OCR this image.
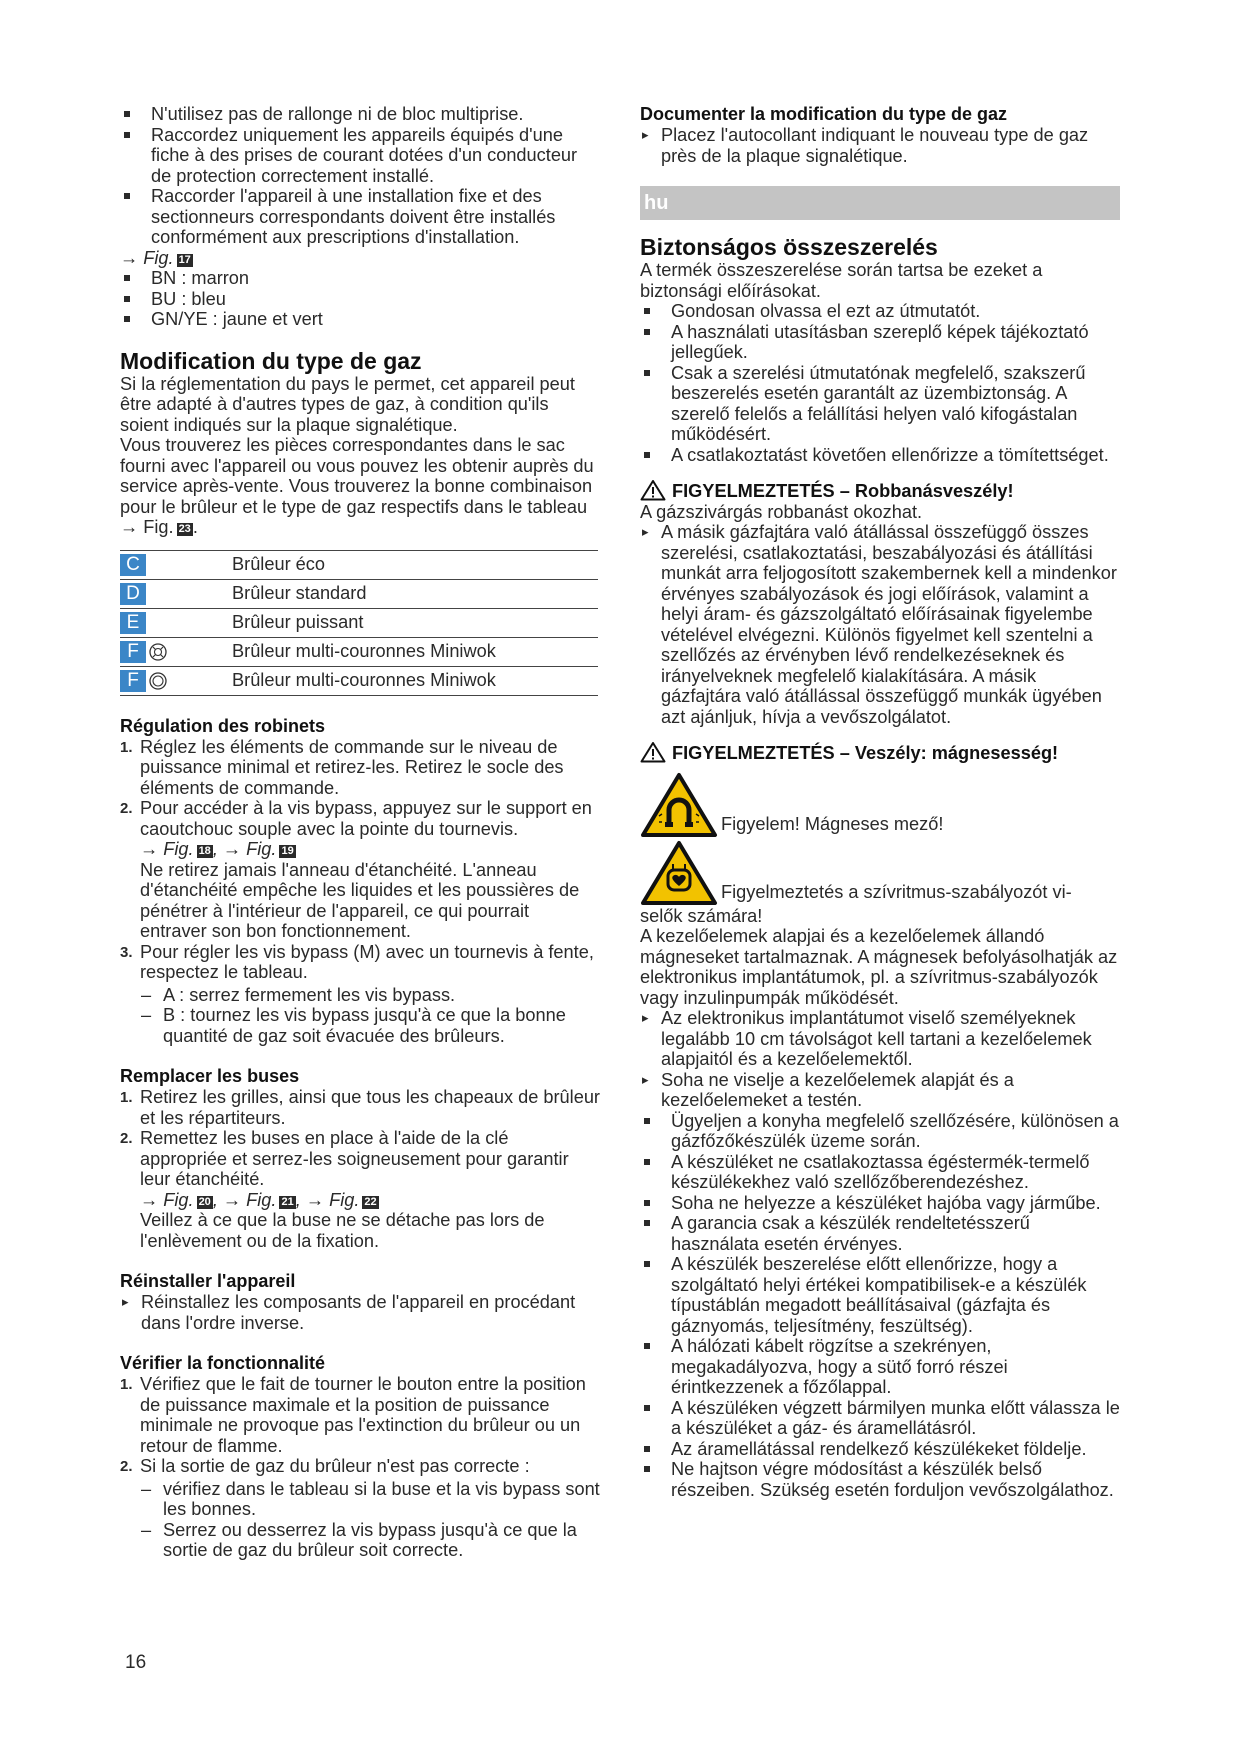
N'utilisez pas de rallonge ni de bloc multiprise.
Raccordez uniquement les appareils équipés d'une fiche à des prises de courant dotées d'un conducteur de protection correctement installé.
Raccorder l'appareil à une installation fixe et des sectionneurs correspondants doivent être installés conformément aux prescriptions d'installation.

→ Fig. 17

BN : marron
BU : bleu
GN/YE : jaune et vert
Modification du type de gaz

Si la réglementation du pays le permet, cet appareil peut être adapté à d'autres types de gaz, à condition qu'ils soient indiqués sur la plaque signalétique.

Vous trouverez les pièces correspondantes dans le sac fourni avec l'appareil ou vous pouvez les obtenir auprès du service après-vente. Vous trouverez la bonne combinaison pour le brûleur et le type de gaz respectifs dans le tableau → Fig. 23 .

C	Brûleur éco
D	Brûleur standard
E	Brûleur puissant
F	Brûleur multi-couronnes Miniwok
F	Brûleur multi-couronnes Miniwok
Régulation des robinets
Réglez les éléments de commande sur le niveau de puissance minimal et retirez-les. Retirez le socle des éléments de commande.

Pour accéder à la vis bypass, appuyez sur le support en caoutchouc souple avec la pointe du tournevis.

→ Fig. 18 , → Fig. 19

Ne retirez jamais l'anneau d'étanchéité. L'anneau d'étanchéité empêche les liquides et les poussières de pénétrer à l'intérieur de l'appareil, ce qui pourrait entraver son bon fonctionnement.

Pour régler les vis bypass (M) avec un tournevis à fente, respectez le tableau.

– A : serrez fermement les vis bypass.
– B : tournez les vis bypass jusqu'à ce que la bonne quantité de gaz soit évacuée des brûleurs.
Remplacer les buses
Retirez les grilles, ainsi que tous les chapeaux de brûleur et les répartiteurs.

Remettez les buses en place à l'aide de la clé appropriée et serrez-les soigneusement pour garantir leur étanchéité.

→ Fig. 20 , → Fig. 21 , → Fig. 22

Veillez à ce que la buse ne se détache pas lors de l'enlèvement ou de la fixation.

Réinstaller l'appareil
▸ Réinstallez les composants de l'appareil en procédant dans l'ordre inverse.
Vérifier la fonctionnalité
Vérifiez que le fait de tourner le bouton entre la position de puissance maximale et la position de puissance minimale ne provoque pas l'extinction du brûleur ou un retour de flamme.

Si la sortie de gaz du brûleur n'est pas correcte :

– vérifiez dans le tableau si la buse et la vis bypass sont les bonnes.
– Serrez ou desserrez la vis bypass jusqu'à ce que la sortie de gaz du brûleur soit correcte.
Documenter la modification du type de gaz
▸ Placez l'autocollant indiquant le nouveau type de gaz près de la plaque signalétique.
hu
Biztonságos összeszerelés

A termék összeszerelése során tartsa be ezeket a biztonsági előírásokat.

Gondosan olvassa el ezt az útmutatót.
A használati utasításban szereplő képek tájékoztató jellegűek.
Csak a szerelési útmutatónak megfelelő, szakszerű beszerelés esetén garantált az üzembiztonság. A szerelő felelős a felállítási helyen való kifogástalan működésért.
A csatlakoztatást követően ellenőrizze a tömítettséget.

FIGYELMEZTETÉS – Robbanásveszély!

A gázszivárgás robbanást okozhat.

▸ A másik gázfajtára való átállással összefüggő összes szerelési, csatlakoztatási, beszabályozási és átállítási munkát arra feljogosított szakembernek kell a mindenkor érvényes szabályozások és jogi előírások, valamint a helyi áram- és gázszolgáltató előírásainak figyelembe vételével elvégezni. Különös figyelmet kell szentelni a szellőzés az érvényben lévő rendelkezéseknek és irányelveknek megfelelő kialakítására. A másik gázfajtára való átállással összefüggő munkák ügyében azt ajánljuk, hívja a vevőszolgálatot.

FIGYELMEZTETÉS – Veszély: mágnesesség!

Figyelem! Mágneses mező!
Figyelmeztetés a szívritmus-szabályozót vi-

selők számára!

A kezelőelemek alapjai és a kezelőelemek állandó mágneseket tartalmaznak. A mágnesek befolyásolhatják az elektronikus implantátumok, pl. a szívritmus-szabályozók vagy inzulinpumpák működését.

▸ Az elektronikus implantátumot viselő személyeknek legalább 10 cm távolságot kell tartani a kezelőelemek alapjaitól és a kezelőelemektől.
▸ Soha ne viselje a kezelőelemek alapját és a kezelőelemeket a testén.
Ügyeljen a konyha megfelelő szellőzésére, különösen a gázfőzőkészülék üzeme során.
A készüléket ne csatlakoztassa égéstermék-termelő készülékekhez való szellőzőberendezéshez.
Soha ne helyezze a készüléket hajóba vagy járműbe.
A garancia csak a készülék rendeltetésszerű használata esetén érvényes.
A készülék beszerelése előtt ellenőrizze, hogy a szolgáltató helyi értékei kompatibilisek-e a készülék típustáblán megadott beállításaival (gázfajta és gáznyomás, teljesítmény, feszültség).
A hálózati kábelt rögzítse a szekrényen, megakadályozva, hogy a sütő forró részei érintkezzenek a főzőlappal.
A készüléken végzett bármilyen munka előtt válassza le a készüléket a gáz- és áramellátásról.
Az áramellátással rendelkező készülékeket földelje.
Ne hajtson végre módosítást a készülék belső részeiben. Szükség esetén forduljon vevőszolgálathoz.
16
